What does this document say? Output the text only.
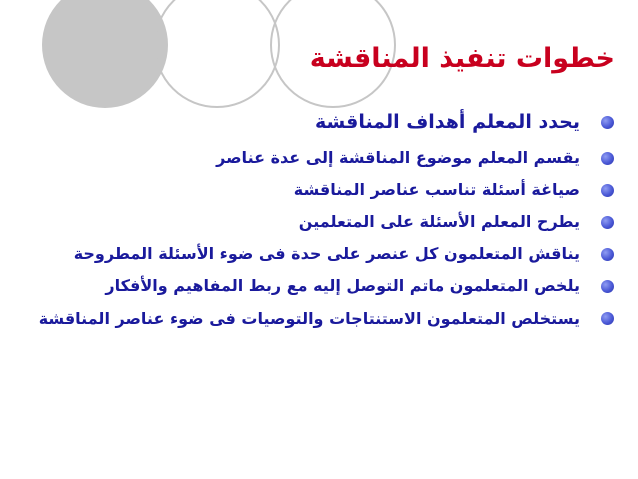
خطوات تنفيذ المناقشة
يحدد المعلم أهداف المناقشة
يقسم المعلم موضوع المناقشة إلى عدة عناصر
صياغة أسئلة تناسب عناصر المناقشة
يطرح المعلم الأسئلة على المتعلمين
يناقش المتعلمون كل عنصر على حدة فى ضوء الأسئلة المطروحة
يلخص المتعلمون ماتم التوصل إليه مع ربط المفاهيم والأفكار
يستخلص المتعلمون الاستنتاجات والتوصيات فى ضوء عناصر المناقشة
